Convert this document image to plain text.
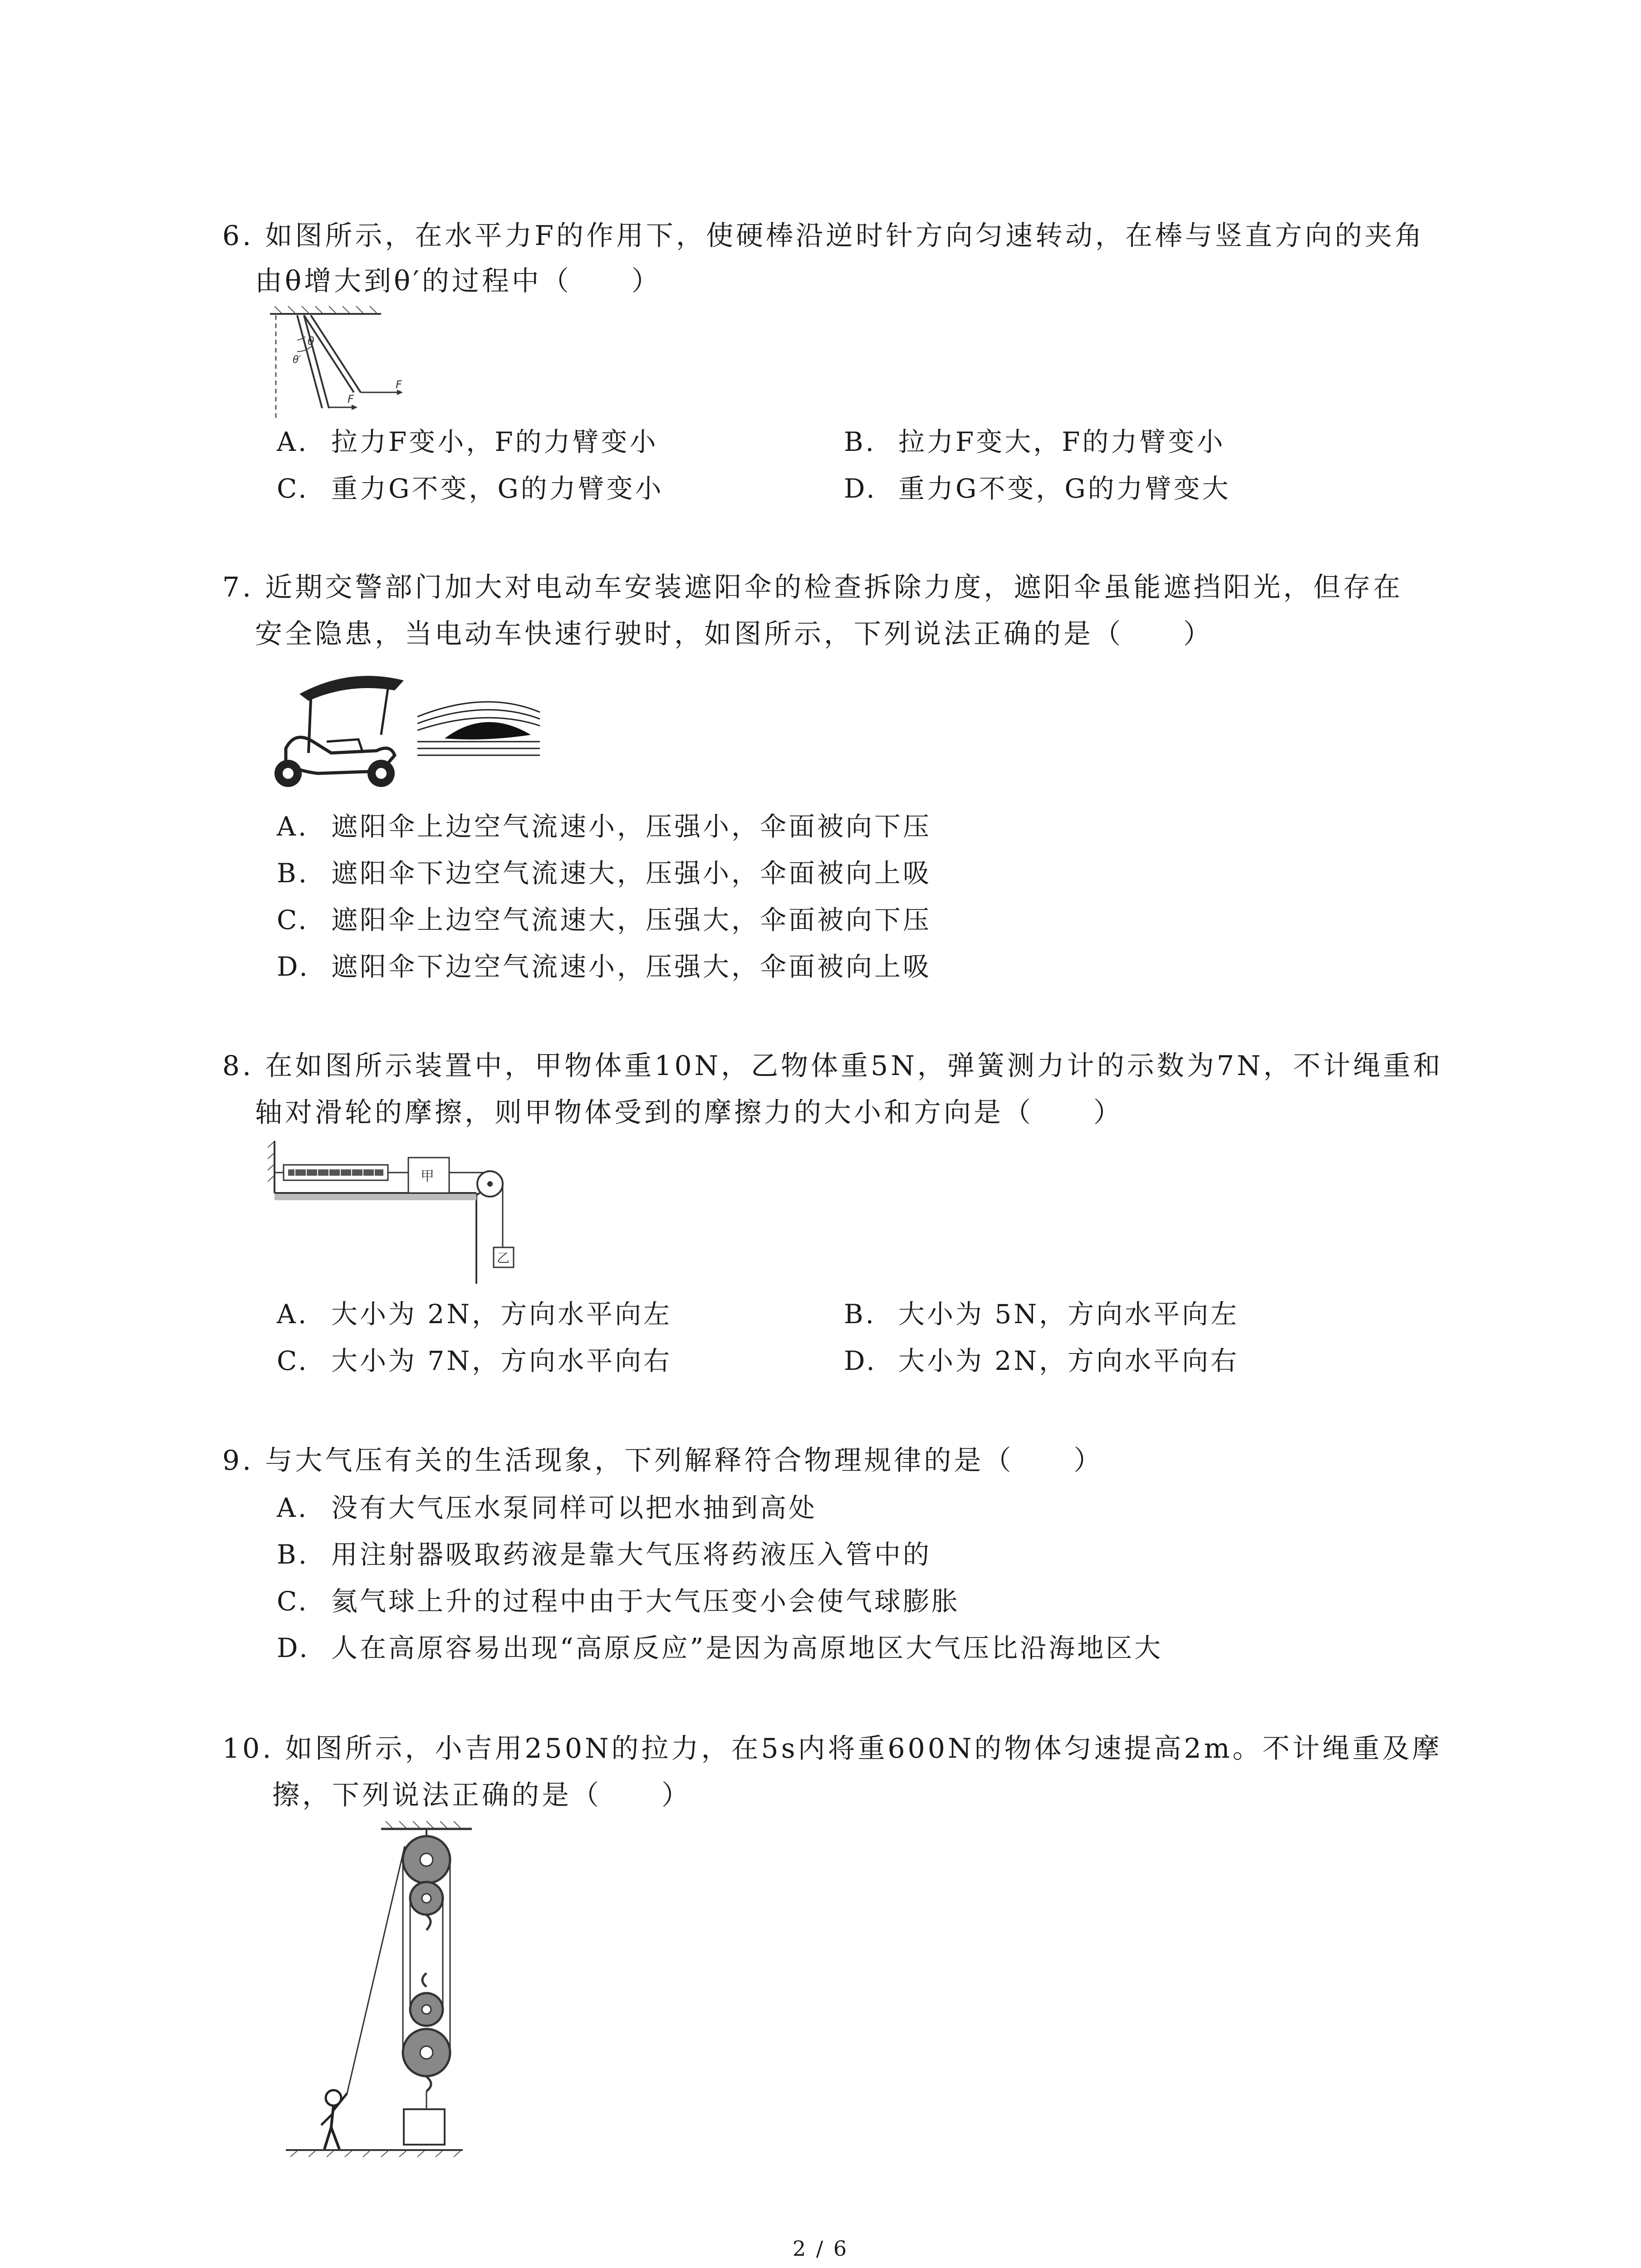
6. 如图所示，在水平力F的作用下，使硬棒沿逆时针方向匀速转动，在棒与竖直方向的夹角
由θ增大到θ′的过程中（　　）
θ
θ′
F
F
A. 拉力F变小，F的力臂变小	B. 拉力F变大，F的力臂变小
C. 重力G不变，G的力臂变小	D. 重力G不变，G的力臂变大
7. 近期交警部门加大对电动车安装遮阳伞的检查拆除力度，遮阳伞虽能遮挡阳光，但存在
安全隐患，当电动车快速行驶时，如图所示，下列说法正确的是（　　）
A. 遮阳伞上边空气流速小，压强小，伞面被向下压
B. 遮阳伞下边空气流速大，压强小，伞面被向上吸
C. 遮阳伞上边空气流速大，压强大，伞面被向下压
D. 遮阳伞下边空气流速小，压强大，伞面被向上吸
8. 在如图所示装置中，甲物体重10N，乙物体重5N，弹簧测力计的示数为7N，不计绳重和
轴对滑轮的摩擦，则甲物体受到的摩擦力的大小和方向是（　　）
甲
乙
A. 大小为 2N，方向水平向左	B. 大小为 5N，方向水平向左
C. 大小为 7N，方向水平向右	D. 大小为 2N，方向水平向右
9. 与大气压有关的生活现象，下列解释符合物理规律的是（　　）
A. 没有大气压水泵同样可以把水抽到高处
B. 用注射器吸取药液是靠大气压将药液压入管中的
C. 氦气球上升的过程中由于大气压变小会使气球膨胀
D. 人在高原容易出现“高原反应”是因为高原地区大气压比沿海地区大
10. 如图所示，小吉用250N的拉力，在5s内将重600N的物体匀速提高2m。不计绳重及摩
擦，下列说法正确的是（　　）
2 / 6
